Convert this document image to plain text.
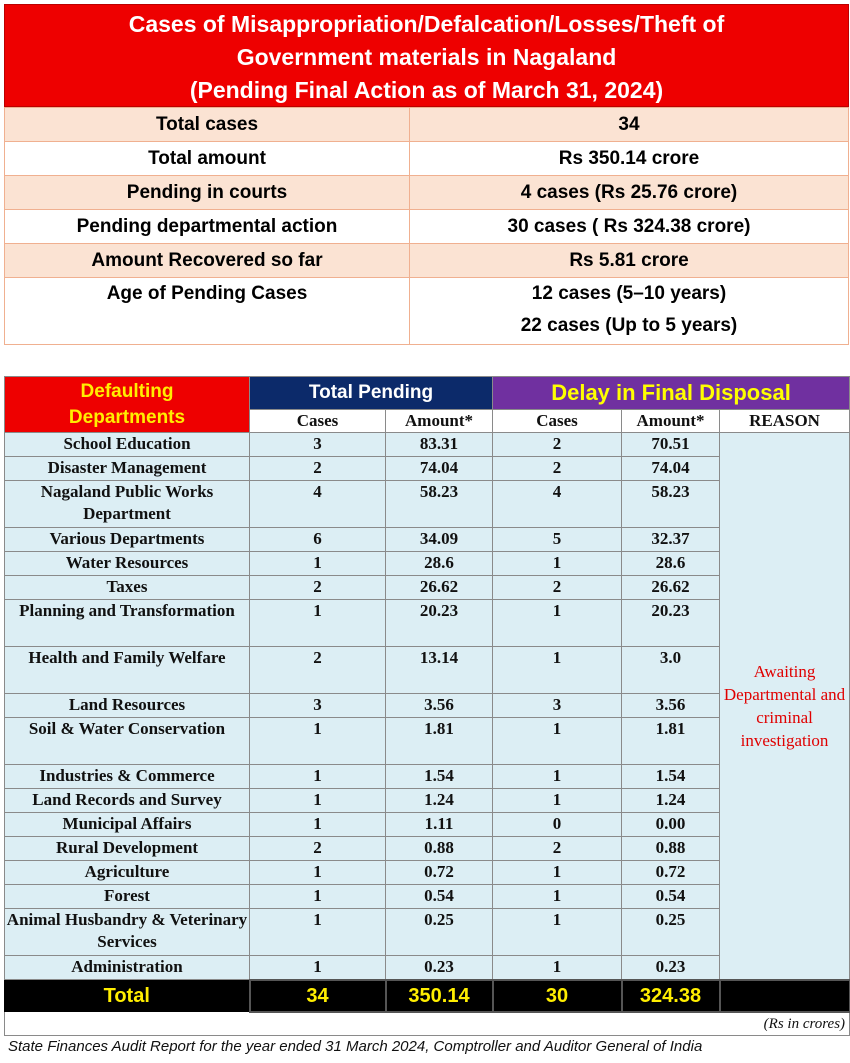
Cases of Misappropriation/Defalcation/Losses/Theft of
Government materials in Nagaland
(Pending Final Action as of March 31, 2024)
Total cases	34
Total amount	Rs 350.14 crore
Pending in courts	4 cases (Rs 25.76 crore)
Pending departmental action	30 cases ( Rs 324.38 crore)
Amount Recovered so far	Rs 5.81 crore

Age of Pending Cases	12 cases (5–10 years)
22 cases (Up to 5 years)
Defaulting
Departments	Total Pending		Delay in Final Disposal		
	Cases	Amount*	Cases	Amount*	REASON
School Education	3	83.31	2	70.51	Awaiting Departmental and criminal investigation
Disaster Management	2	74.04	2	74.04	
Nagaland Public Works Department	4	58.23	4	58.23	
Various Departments	6	34.09	5	32.37	
Water Resources	1	28.6	1	28.6	
Taxes	2	26.62	2	26.62	
Planning and Transformation	1	20.23	1	20.23	
Health and Family Welfare	2	13.14	1	3.0	
Land Resources	3	3.56	3	3.56	
Soil & Water Conservation	1	1.81	1	1.81	
Industries & Commerce	1	1.54	1	1.54	
Land Records and Survey	1	1.24	1	1.24	
Municipal Affairs	1	1.11	0	0.00	
Rural Development	2	0.88	2	0.88	
Agriculture	1	0.72	1	0.72	
Forest	1	0.54	1	0.54	
Animal Husbandry & Veterinary Services	1	0.25	1	0.25	
Administration	1	0.23	1	0.23	
Total	34	350.14	30	324.38	
(Rs in crores)					
State Finances Audit Report for the year ended 31 March 2024, Comptroller and Auditor General of India
